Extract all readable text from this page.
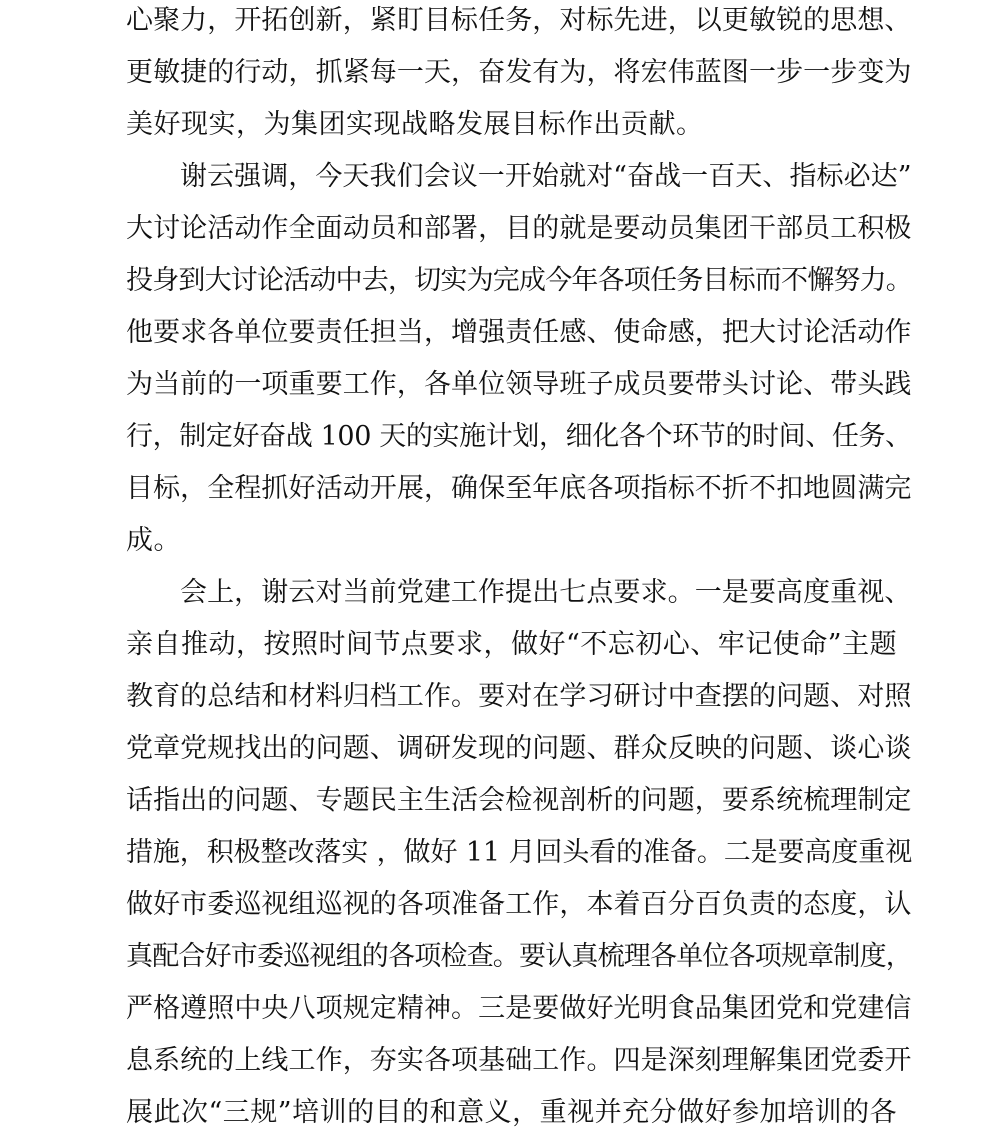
心聚力，开拓创新，紧盯目标任务，对标先进，以更敏锐的思想、
更敏捷的行动，抓紧每一天，奋发有为，将宏伟蓝图一步一步变为
美好现实，为集团实现战略发展目标作出贡献。
谢云强调，今天我们会议一开始就对“奋战一百天、指标必达”
大讨论活动作全面动员和部署，目的就是要动员集团干部员工积极
投身到大讨论活动中去，切实为完成今年各项任务目标而不懈努力。
他要求各单位要责任担当，增强责任感、使命感，把大讨论活动作
为当前的一项重要工作，各单位领导班子成员要带头讨论、带头践
行，制定好奋战 100 天的实施计划，细化各个环节的时间、任务、
目标，全程抓好活动开展，确保至年底各项指标不折不扣地圆满完
成。
会上，谢云对当前党建工作提出七点要求。一是要高度重视、
亲自推动，按照时间节点要求，做好“不忘初心、牢记使命”主题
教育的总结和材料归档工作。要对在学习研讨中查摆的问题、对照
党章党规找出的问题、调研发现的问题、群众反映的问题、谈心谈
话指出的问题、专题民主生活会检视剖析的问题，要系统梳理制定
措施，积极整改落实 ，做好 11 月回头看的准备。二是要高度重视
做好市委巡视组巡视的各项准备工作，本着百分百负责的态度，认
真配合好市委巡视组的各项检查。要认真梳理各单位各项规章制度，
严格遵照中央八项规定精神。三是要做好光明食品集团党和党建信
息系统的上线工作，夯实各项基础工作。四是深刻理解集团党委开
展此次“三规”培训的目的和意义，重视并充分做好参加培训的各
